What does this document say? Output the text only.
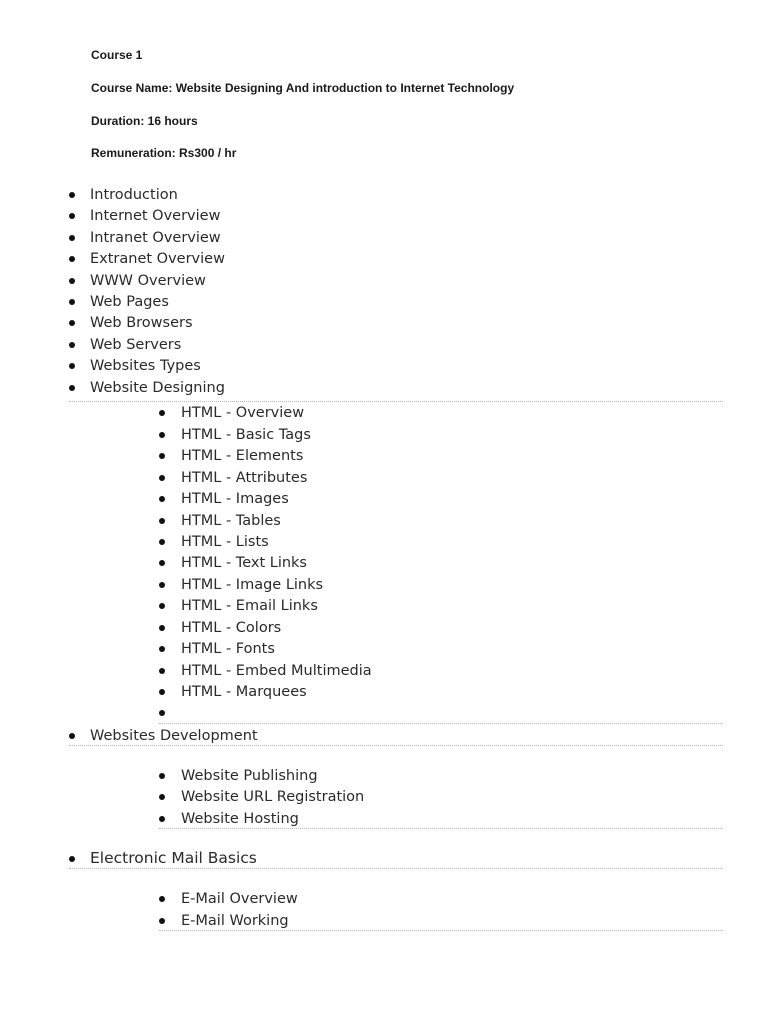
Course 1
Course Name: Website Designing And introduction to Internet Technology
Duration: 16 hours
Remuneration: Rs300 / hr
Introduction
Internet Overview
Intranet Overview
Extranet Overview
WWW Overview
Web Pages
Web Browsers
Web Servers
Websites Types
Website Designing
HTML - Overview
HTML - Basic Tags
HTML - Elements
HTML - Attributes
HTML - Images
HTML - Tables
HTML - Lists
HTML - Text Links
HTML - Image Links
HTML - Email Links
HTML - Colors
HTML - Fonts
HTML - Embed Multimedia
HTML - Marquees
Websites Development
Website Publishing
Website URL Registration
Website Hosting
Electronic Mail Basics
E-Mail Overview
E-Mail Working
